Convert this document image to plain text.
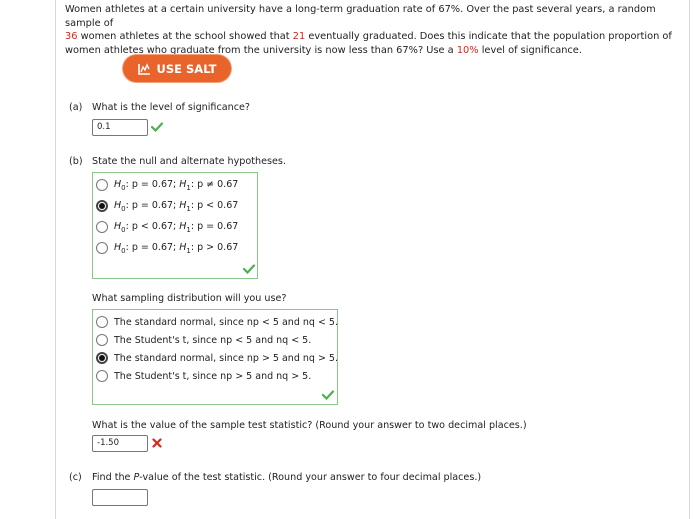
Women athletes at a certain university have a long-term graduation rate of 67%. Over the past several years, a random sample of
36 women athletes at the school showed that 21 eventually graduated. Does this indicate that the population proportion of
women athletes who graduate from the university is now less than 67%? Use a 10% level of significance.
USE SALT
(a) What is the level of significance?
0.1
(b) State the null and alternate hypotheses.
$H_0$: p = 0.67; $H_1$: p ≠ 0.67
$H_0$: p = 0.67; $H_1$: p < 0.67
$H_0$: p < 0.67; $H_1$: p = 0.67
$H_0$: p = 0.67; $H_1$: p > 0.67
What sampling distribution will you use?
The standard normal, since np < 5 and nq < 5.
The Student's t, since np < 5 and nq < 5.
The standard normal, since np > 5 and nq > 5.
The Student's t, since np > 5 and nq > 5.
What is the value of the sample test statistic? (Round your answer to two decimal places.)
-1.50
(c) Find the P-value of the test statistic. (Round your answer to four decimal places.)
